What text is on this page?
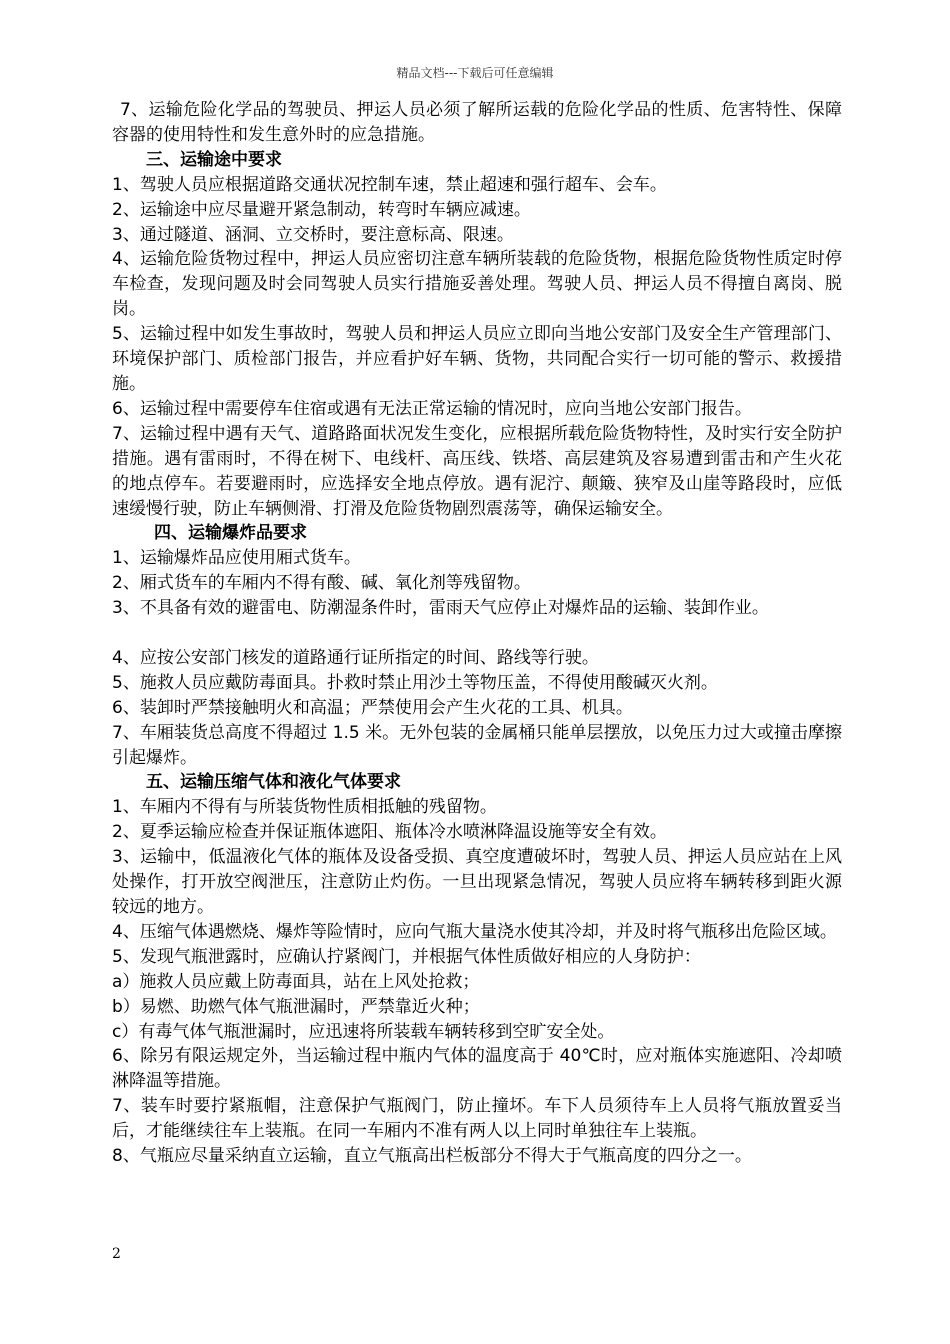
精品文档---下载后可任意编辑

7、运输危险化学品的驾驶员、押运人员必须了解所运载的危险化学品的性质、危害特性、保障容器的使用特性和发生意外时的应急措施。

三、运输途中要求

1、驾驶人员应根据道路交通状况控制车速，禁止超速和强行超车、会车。

2、运输途中应尽量避开紧急制动，转弯时车辆应减速。

3、通过隧道、涵洞、立交桥时，要注意标高、限速。

4、运输危险货物过程中，押运人员应密切注意车辆所装载的危险货物，根据危险货物性质定时停车检查，发现问题及时会同驾驶人员实行措施妥善处理。驾驶人员、押运人员不得擅自离岗、脱岗。

5、运输过程中如发生事故时，驾驶人员和押运人员应立即向当地公安部门及安全生产管理部门、环境保护部门、质检部门报告，并应看护好车辆、货物，共同配合实行一切可能的警示、救援措施。

6、运输过程中需要停车住宿或遇有无法正常运输的情况时，应向当地公安部门报告。

7、运输过程中遇有天气、道路路面状况发生变化，应根据所载危险货物特性，及时实行安全防护措施。遇有雷雨时，不得在树下、电线杆、高压线、铁塔、高层建筑及容易遭到雷击和产生火花的地点停车。若要避雨时，应选择安全地点停放。遇有泥泞、颠簸、狭窄及山崖等路段时，应低速缓慢行驶，防止车辆侧滑、打滑及危险货物剧烈震荡等，确保运输安全。

四、运输爆炸品要求

1、运输爆炸品应使用厢式货车。

2、厢式货车的车厢内不得有酸、碱、氧化剂等残留物。

3、不具备有效的避雷电、防潮湿条件时，雷雨天气应停止对爆炸品的运输、装卸作业。

4、应按公安部门核发的道路通行证所指定的时间、路线等行驶。

5、施救人员应戴防毒面具。扑救时禁止用沙土等物压盖，不得使用酸碱灭火剂。

6、装卸时严禁接触明火和高温；严禁使用会产生火花的工具、机具。

7、车厢装货总高度不得超过 1.5 米。无外包装的金属桶只能单层摆放，以免压力过大或撞击摩擦引起爆炸。

五、运输压缩气体和液化气体要求

1、车厢内不得有与所装货物性质相抵触的残留物。

2、夏季运输应检查并保证瓶体遮阳、瓶体冷水喷淋降温设施等安全有效。

3、运输中，低温液化气体的瓶体及设备受损、真空度遭破坏时，驾驶人员、押运人员应站在上风处操作，打开放空阀泄压，注意防止灼伤。一旦出现紧急情况，驾驶人员应将车辆转移到距火源较远的地方。

4、压缩气体遇燃烧、爆炸等险情时，应向气瓶大量浇水使其冷却，并及时将气瓶移出危险区域。

5、发现气瓶泄露时，应确认拧紧阀门，并根据气体性质做好相应的人身防护：

a）施救人员应戴上防毒面具，站在上风处抢救；

b）易燃、助燃气体气瓶泄漏时，严禁靠近火种；

c）有毒气体气瓶泄漏时，应迅速将所装载车辆转移到空旷安全处。

6、除另有限运规定外，当运输过程中瓶内气体的温度高于 40℃时，应对瓶体实施遮阳、冷却喷淋降温等措施。

7、装车时要拧紧瓶帽，注意保护气瓶阀门，防止撞坏。车下人员须待车上人员将气瓶放置妥当后，才能继续往车上装瓶。在同一车厢内不准有两人以上同时单独往车上装瓶。

8、气瓶应尽量采纳直立运输，直立气瓶高出栏板部分不得大于气瓶高度的四分之一。

2
